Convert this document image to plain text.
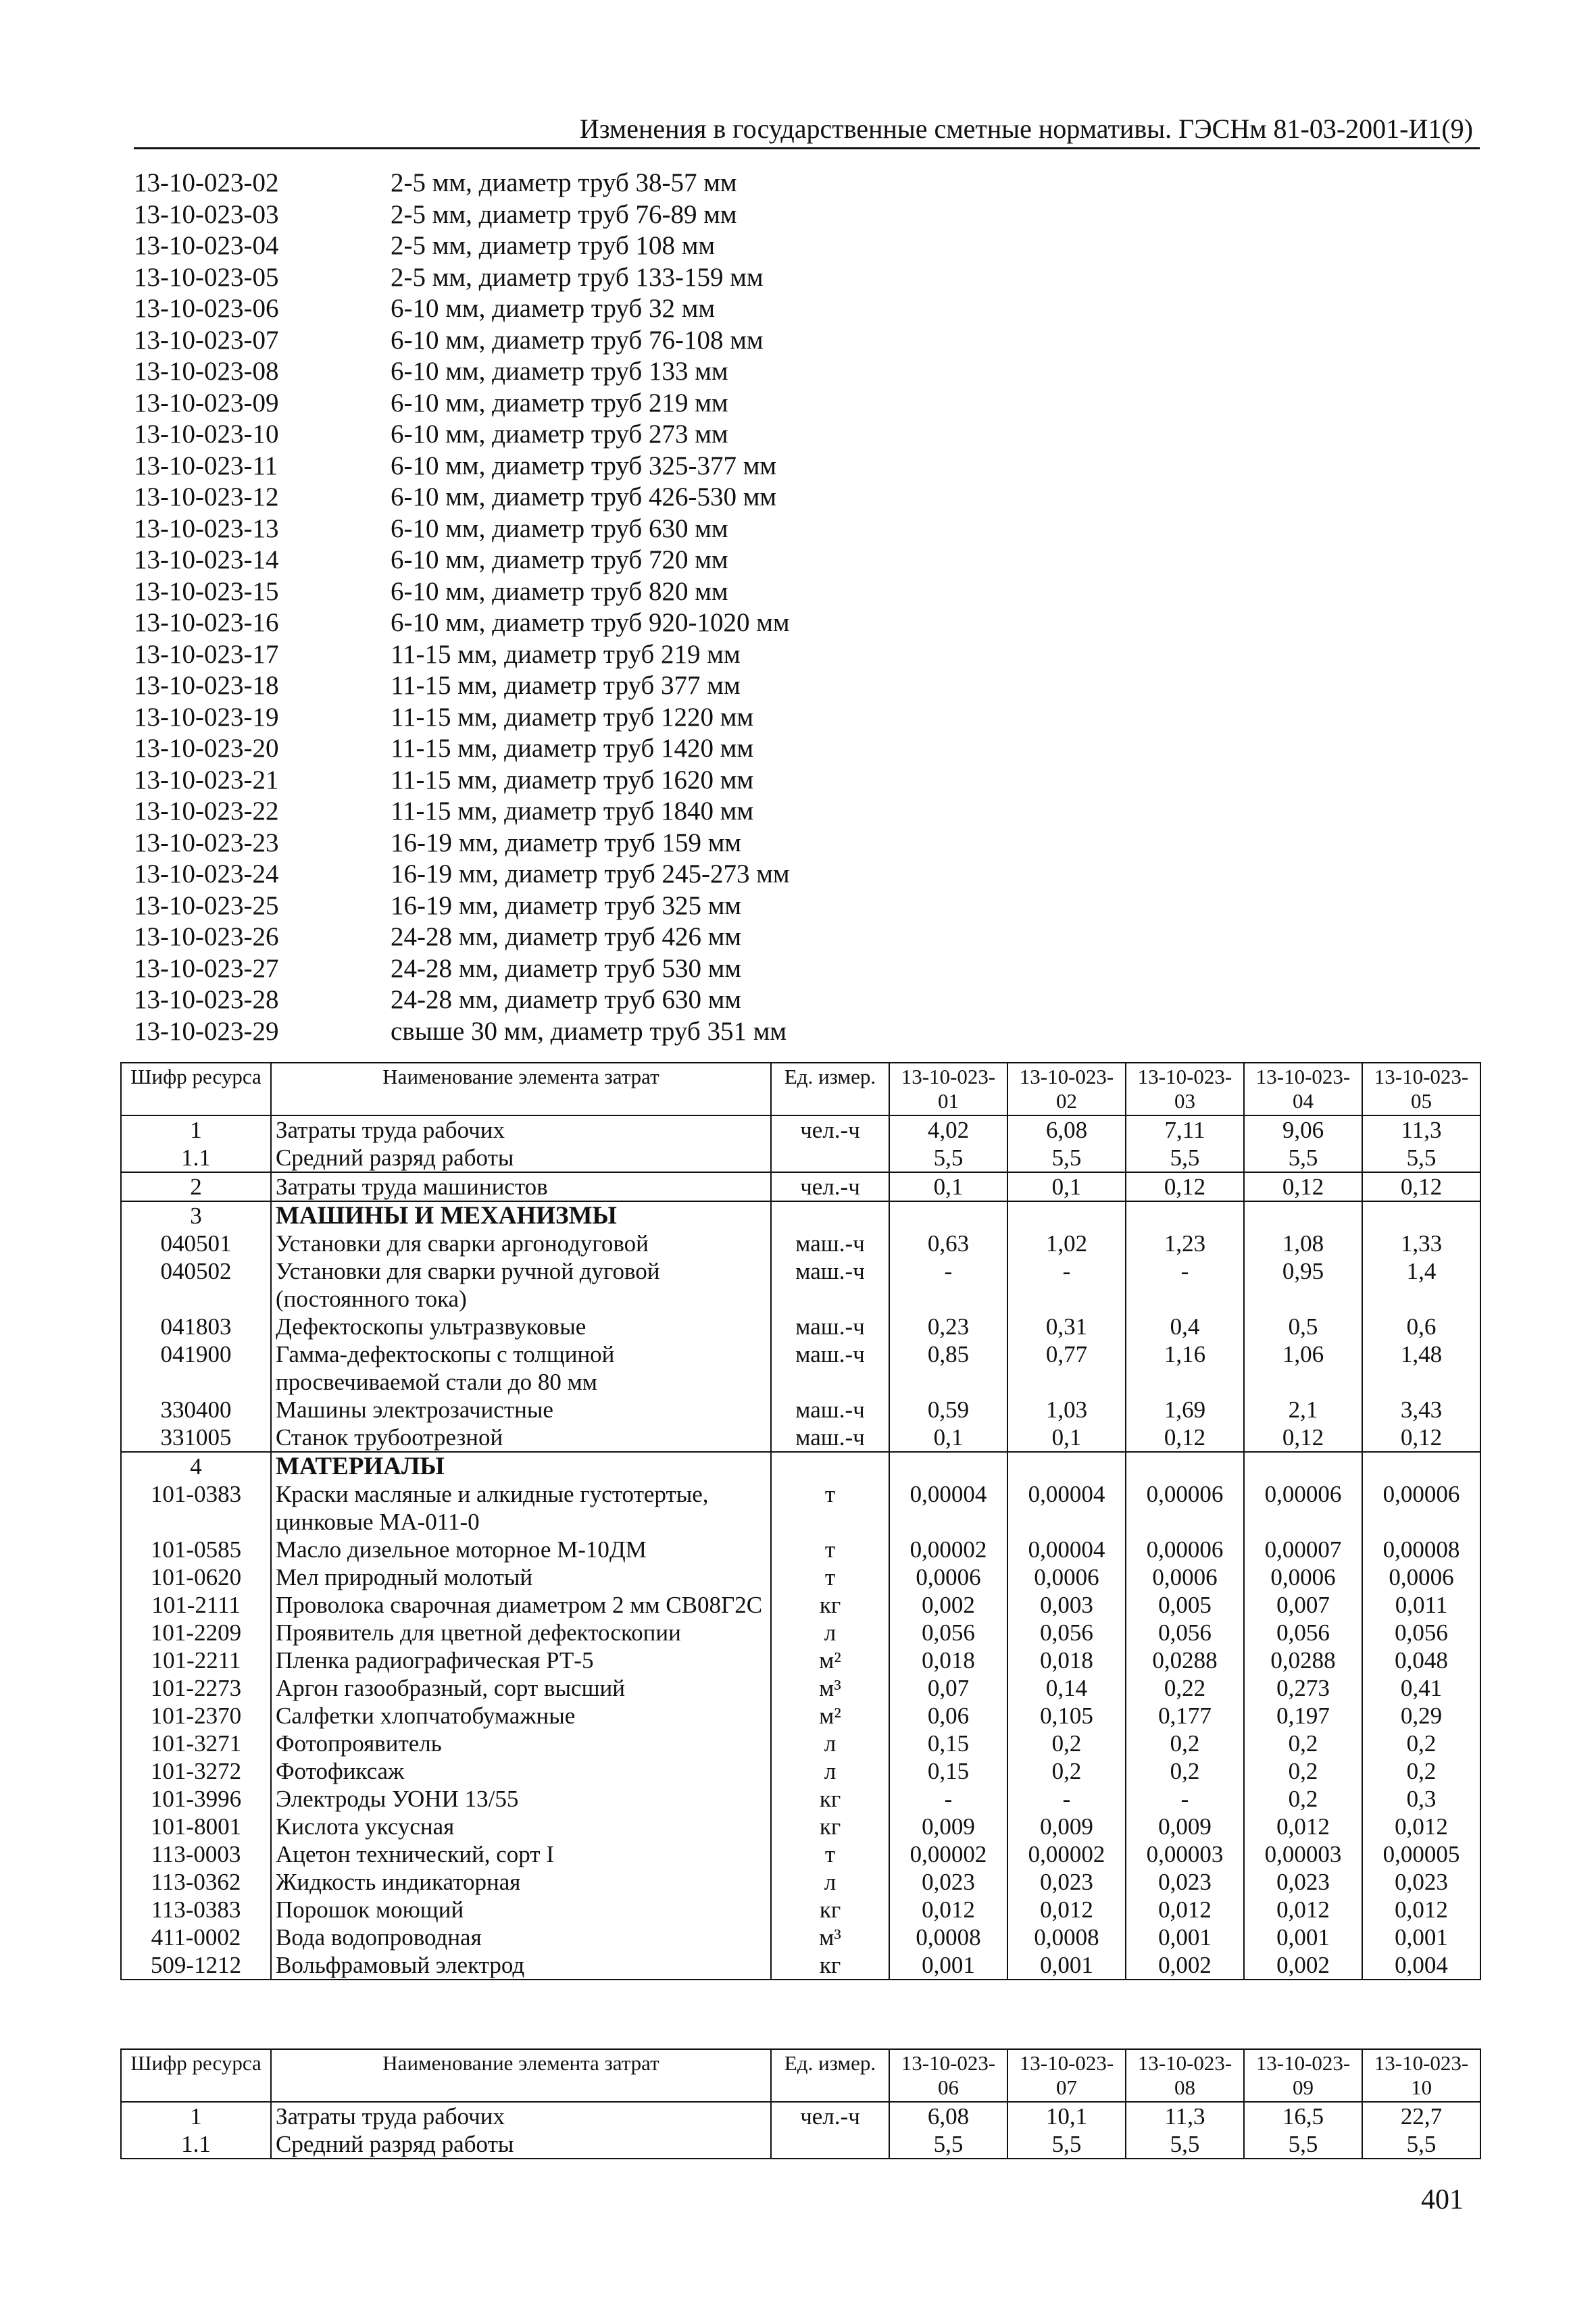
Изменения в государственные сметные нормативы. ГЭСНм 81-03-2001-И1(9)
13-10-023-02	2-5 мм, диаметр труб 38-57 мм
13-10-023-03	2-5 мм, диаметр труб 76-89 мм
13-10-023-04	2-5 мм, диаметр труб 108 мм
13-10-023-05	2-5 мм, диаметр труб 133-159 мм
13-10-023-06	6-10 мм, диаметр труб 32 мм
13-10-023-07	6-10 мм, диаметр труб 76-108 мм
13-10-023-08	6-10 мм, диаметр труб 133 мм
13-10-023-09	6-10 мм, диаметр труб 219 мм
13-10-023-10	6-10 мм, диаметр труб 273 мм
13-10-023-11	6-10 мм, диаметр труб 325-377 мм
13-10-023-12	6-10 мм, диаметр труб 426-530 мм
13-10-023-13	6-10 мм, диаметр труб 630 мм
13-10-023-14	6-10 мм, диаметр труб 720 мм
13-10-023-15	6-10 мм, диаметр труб 820 мм
13-10-023-16	6-10 мм, диаметр труб 920-1020 мм
13-10-023-17	11-15 мм, диаметр труб 219 мм
13-10-023-18	11-15 мм, диаметр труб 377 мм
13-10-023-19	11-15 мм, диаметр труб 1220 мм
13-10-023-20	11-15 мм, диаметр труб 1420 мм
13-10-023-21	11-15 мм, диаметр труб 1620 мм
13-10-023-22	11-15 мм, диаметр труб 1840 мм
13-10-023-23	16-19 мм, диаметр труб 159 мм
13-10-023-24	16-19 мм, диаметр труб 245-273 мм
13-10-023-25	16-19 мм, диаметр труб 325 мм
13-10-023-26	24-28 мм, диаметр труб 426 мм
13-10-023-27	24-28 мм, диаметр труб 530 мм
13-10-023-28	24-28 мм, диаметр труб 630 мм
13-10-023-29	свыше 30 мм, диаметр труб 351 мм
Шифр ресурса	Наименование элемента затрат	Ед. измер.	13-10-023-01	13-10-023-02	13-10-023-03	13-10-023-04	13-10-023-05
1	Затраты труда рабочих	чел.-ч	4,02	6,08	7,11	9,06	11,3
1.1	Средний разряд работы		5,5	5,5	5,5	5,5	5,5
2	Затраты труда машинистов	чел.-ч	0,1	0,1	0,12	0,12	0,12
3	МАШИНЫ И МЕХАНИЗМЫ						
040501	Установки для сварки аргонодуговой	маш.-ч	0,63	1,02	1,23	1,08	1,33
040502	Установки для сварки ручной дуговой (постоянного тока)	маш.-ч	-	-	-	0,95	1,4
041803	Дефектоскопы ультразвуковые	маш.-ч	0,23	0,31	0,4	0,5	0,6
041900	Гамма-дефектоскопы с толщиной просвечиваемой стали до 80 мм	маш.-ч	0,85	0,77	1,16	1,06	1,48
330400	Машины электрозачистные	маш.-ч	0,59	1,03	1,69	2,1	3,43
331005	Станок трубоотрезной	маш.-ч	0,1	0,1	0,12	0,12	0,12
4	МАТЕРИАЛЫ						
101-0383	Краски масляные и алкидные густотертые, цинковые МА-011-0	т	0,00004	0,00004	0,00006	0,00006	0,00006
101-0585	Масло дизельное моторное М-10ДМ	т	0,00002	0,00004	0,00006	0,00007	0,00008
101-0620	Мел природный молотый	т	0,0006	0,0006	0,0006	0,0006	0,0006
101-2111	Проволока сварочная диаметром 2 мм СВ08Г2С	кг	0,002	0,003	0,005	0,007	0,011
101-2209	Проявитель для цветной дефектоскопии	л	0,056	0,056	0,056	0,056	0,056
101-2211	Пленка радиографическая РТ-5	м²	0,018	0,018	0,0288	0,0288	0,048
101-2273	Аргон газообразный, сорт высший	м³	0,07	0,14	0,22	0,273	0,41
101-2370	Салфетки хлопчатобумажные	м²	0,06	0,105	0,177	0,197	0,29
101-3271	Фотопроявитель	л	0,15	0,2	0,2	0,2	0,2
101-3272	Фотофиксаж	л	0,15	0,2	0,2	0,2	0,2
101-3996	Электроды УОНИ 13/55	кг	-	-	-	0,2	0,3
101-8001	Кислота уксусная	кг	0,009	0,009	0,009	0,012	0,012
113-0003	Ацетон технический, сорт I	т	0,00002	0,00002	0,00003	0,00003	0,00005
113-0362	Жидкость индикаторная	л	0,023	0,023	0,023	0,023	0,023
113-0383	Порошок моющий	кг	0,012	0,012	0,012	0,012	0,012
411-0002	Вода водопроводная	м³	0,0008	0,0008	0,001	0,001	0,001
509-1212	Вольфрамовый электрод	кг	0,001	0,001	0,002	0,002	0,004
Шифр ресурса	Наименование элемента затрат	Ед. измер.	13-10-023-06	13-10-023-07	13-10-023-08	13-10-023-09	13-10-023-10
1	Затраты труда рабочих	чел.-ч	6,08	10,1	11,3	16,5	22,7
1.1	Средний разряд работы		5,5	5,5	5,5	5,5	5,5
401
